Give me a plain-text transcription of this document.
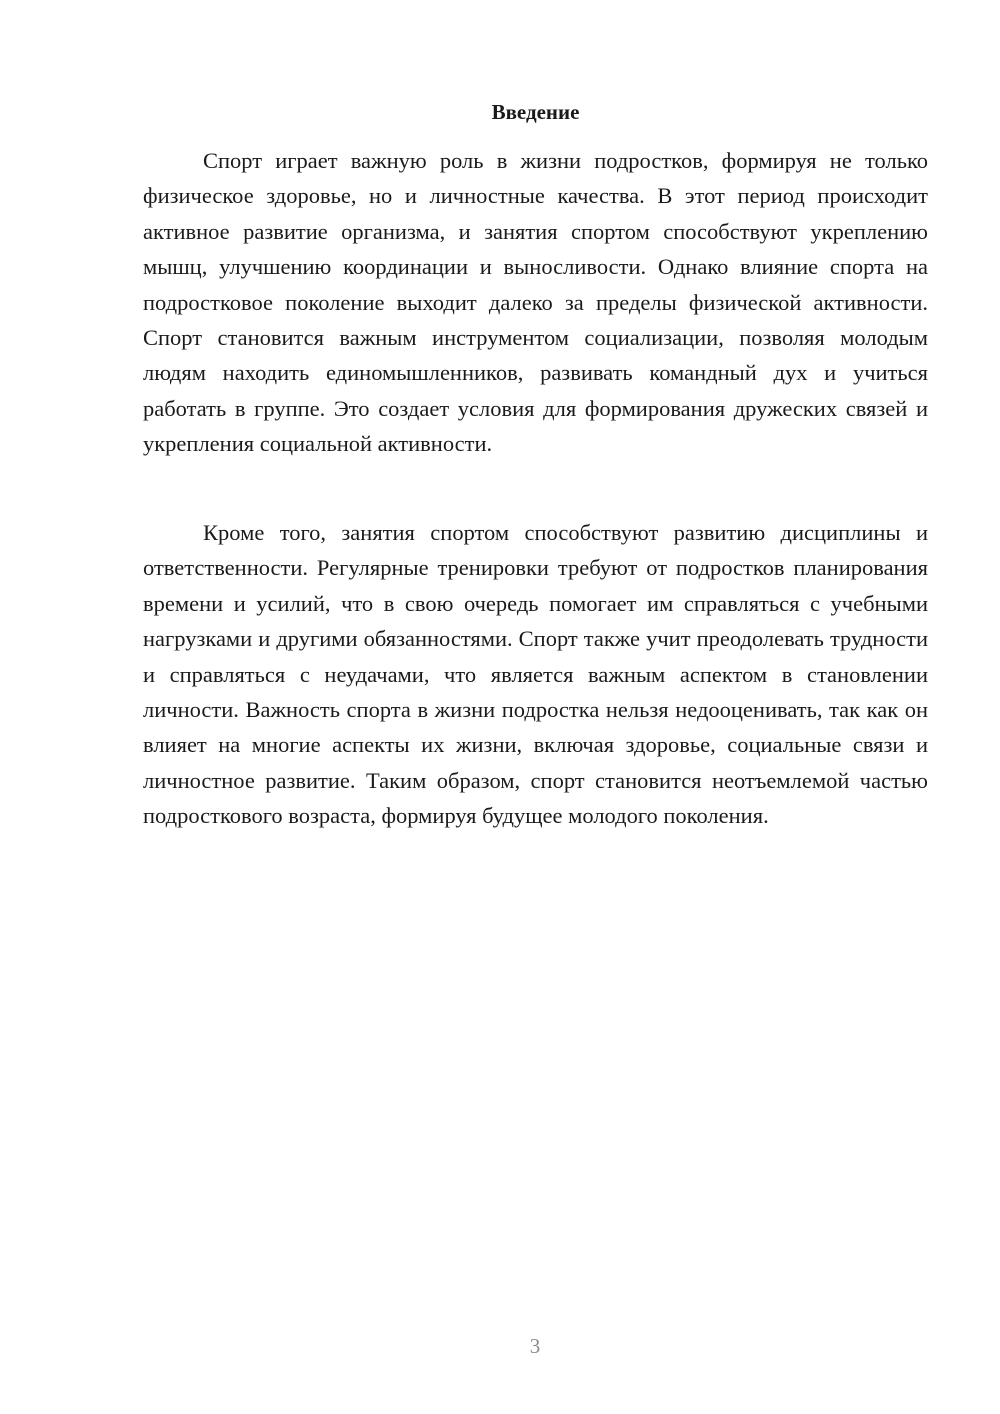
Введение

Спорт играет важную роль в жизни подростков, формируя не только физическое здоровье, но и личностные качества. В этот период происходит активное развитие организма, и занятия спортом способствуют укреплению мышц, улучшению координации и выносливости. Однако влияние спорта на подростковое поколение выходит далеко за пределы физической активности. Спорт становится важным инструментом социализации, позволяя молодым людям находить единомышленников, развивать командный дух и учиться работать в группе. Это создает условия для формирования дружеских связей и укрепления социальной активности.

Кроме того, занятия спортом способствуют развитию дисциплины и ответственности. Регулярные тренировки требуют от подростков планирования времени и усилий, что в свою очередь помогает им справляться с учебными нагрузками и другими обязанностями. Спорт также учит преодолевать трудности и справляться с неудачами, что является важным аспектом в становлении личности. Важность спорта в жизни подростка нельзя недооценивать, так как он влияет на многие аспекты их жизни, включая здоровье, социальные связи и личностное развитие. Таким образом, спорт становится неотъемлемой частью подросткового возраста, формируя будущее молодого поколения.

3
